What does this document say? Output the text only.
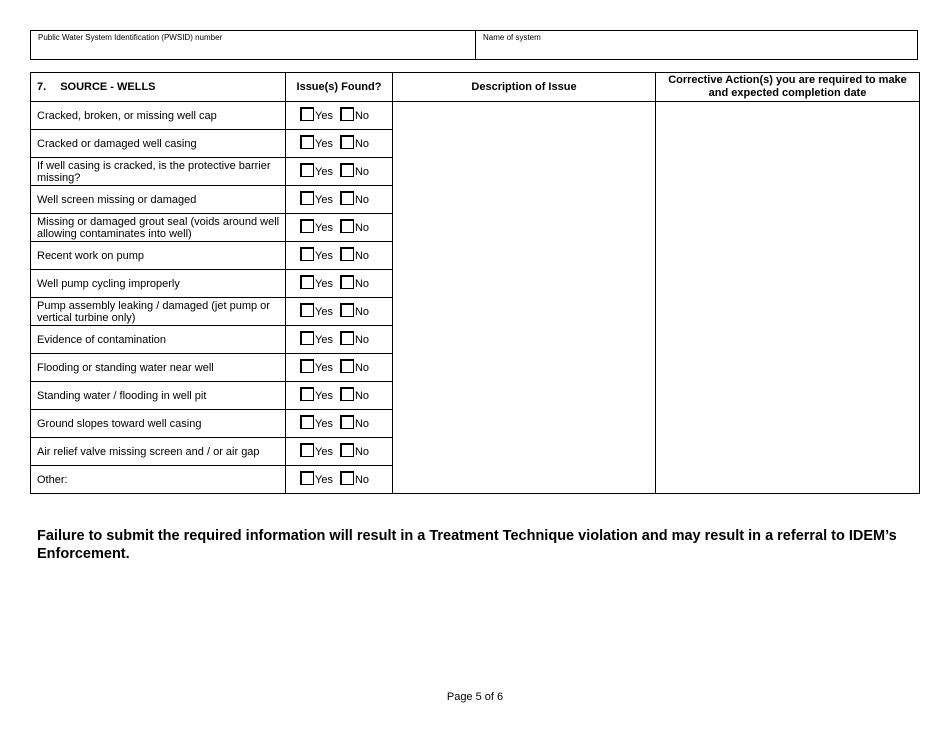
Public Water System Identification (PWSID) number	Name of system
7. SOURCE - WELLS	Issue(s) Found?	Description of Issue	Corrective Action(s) you are required to make and expected completion date
Cracked, broken, or missing well cap	Yes No		
Cracked or damaged well casing	Yes No		
If well casing is cracked, is the protective barrier missing?	Yes No		
Well screen missing or damaged	Yes No		
Missing or damaged grout seal (voids around well allowing contaminates into well)	Yes No		
Recent work on pump	Yes No		
Well pump cycling improperly	Yes No		
Pump assembly leaking / damaged (jet pump or vertical turbine only)	Yes No		
Evidence of contamination	Yes No		
Flooding or standing water near well	Yes No		
Standing water / flooding in well pit	Yes No		
Ground slopes toward well casing	Yes No		
Air relief valve missing screen and / or air gap	Yes No		
Other:	Yes No		
Failure to submit the required information will result in a Treatment Technique violation and may result in a referral to IDEM’s Enforcement.
Page 5 of 6
